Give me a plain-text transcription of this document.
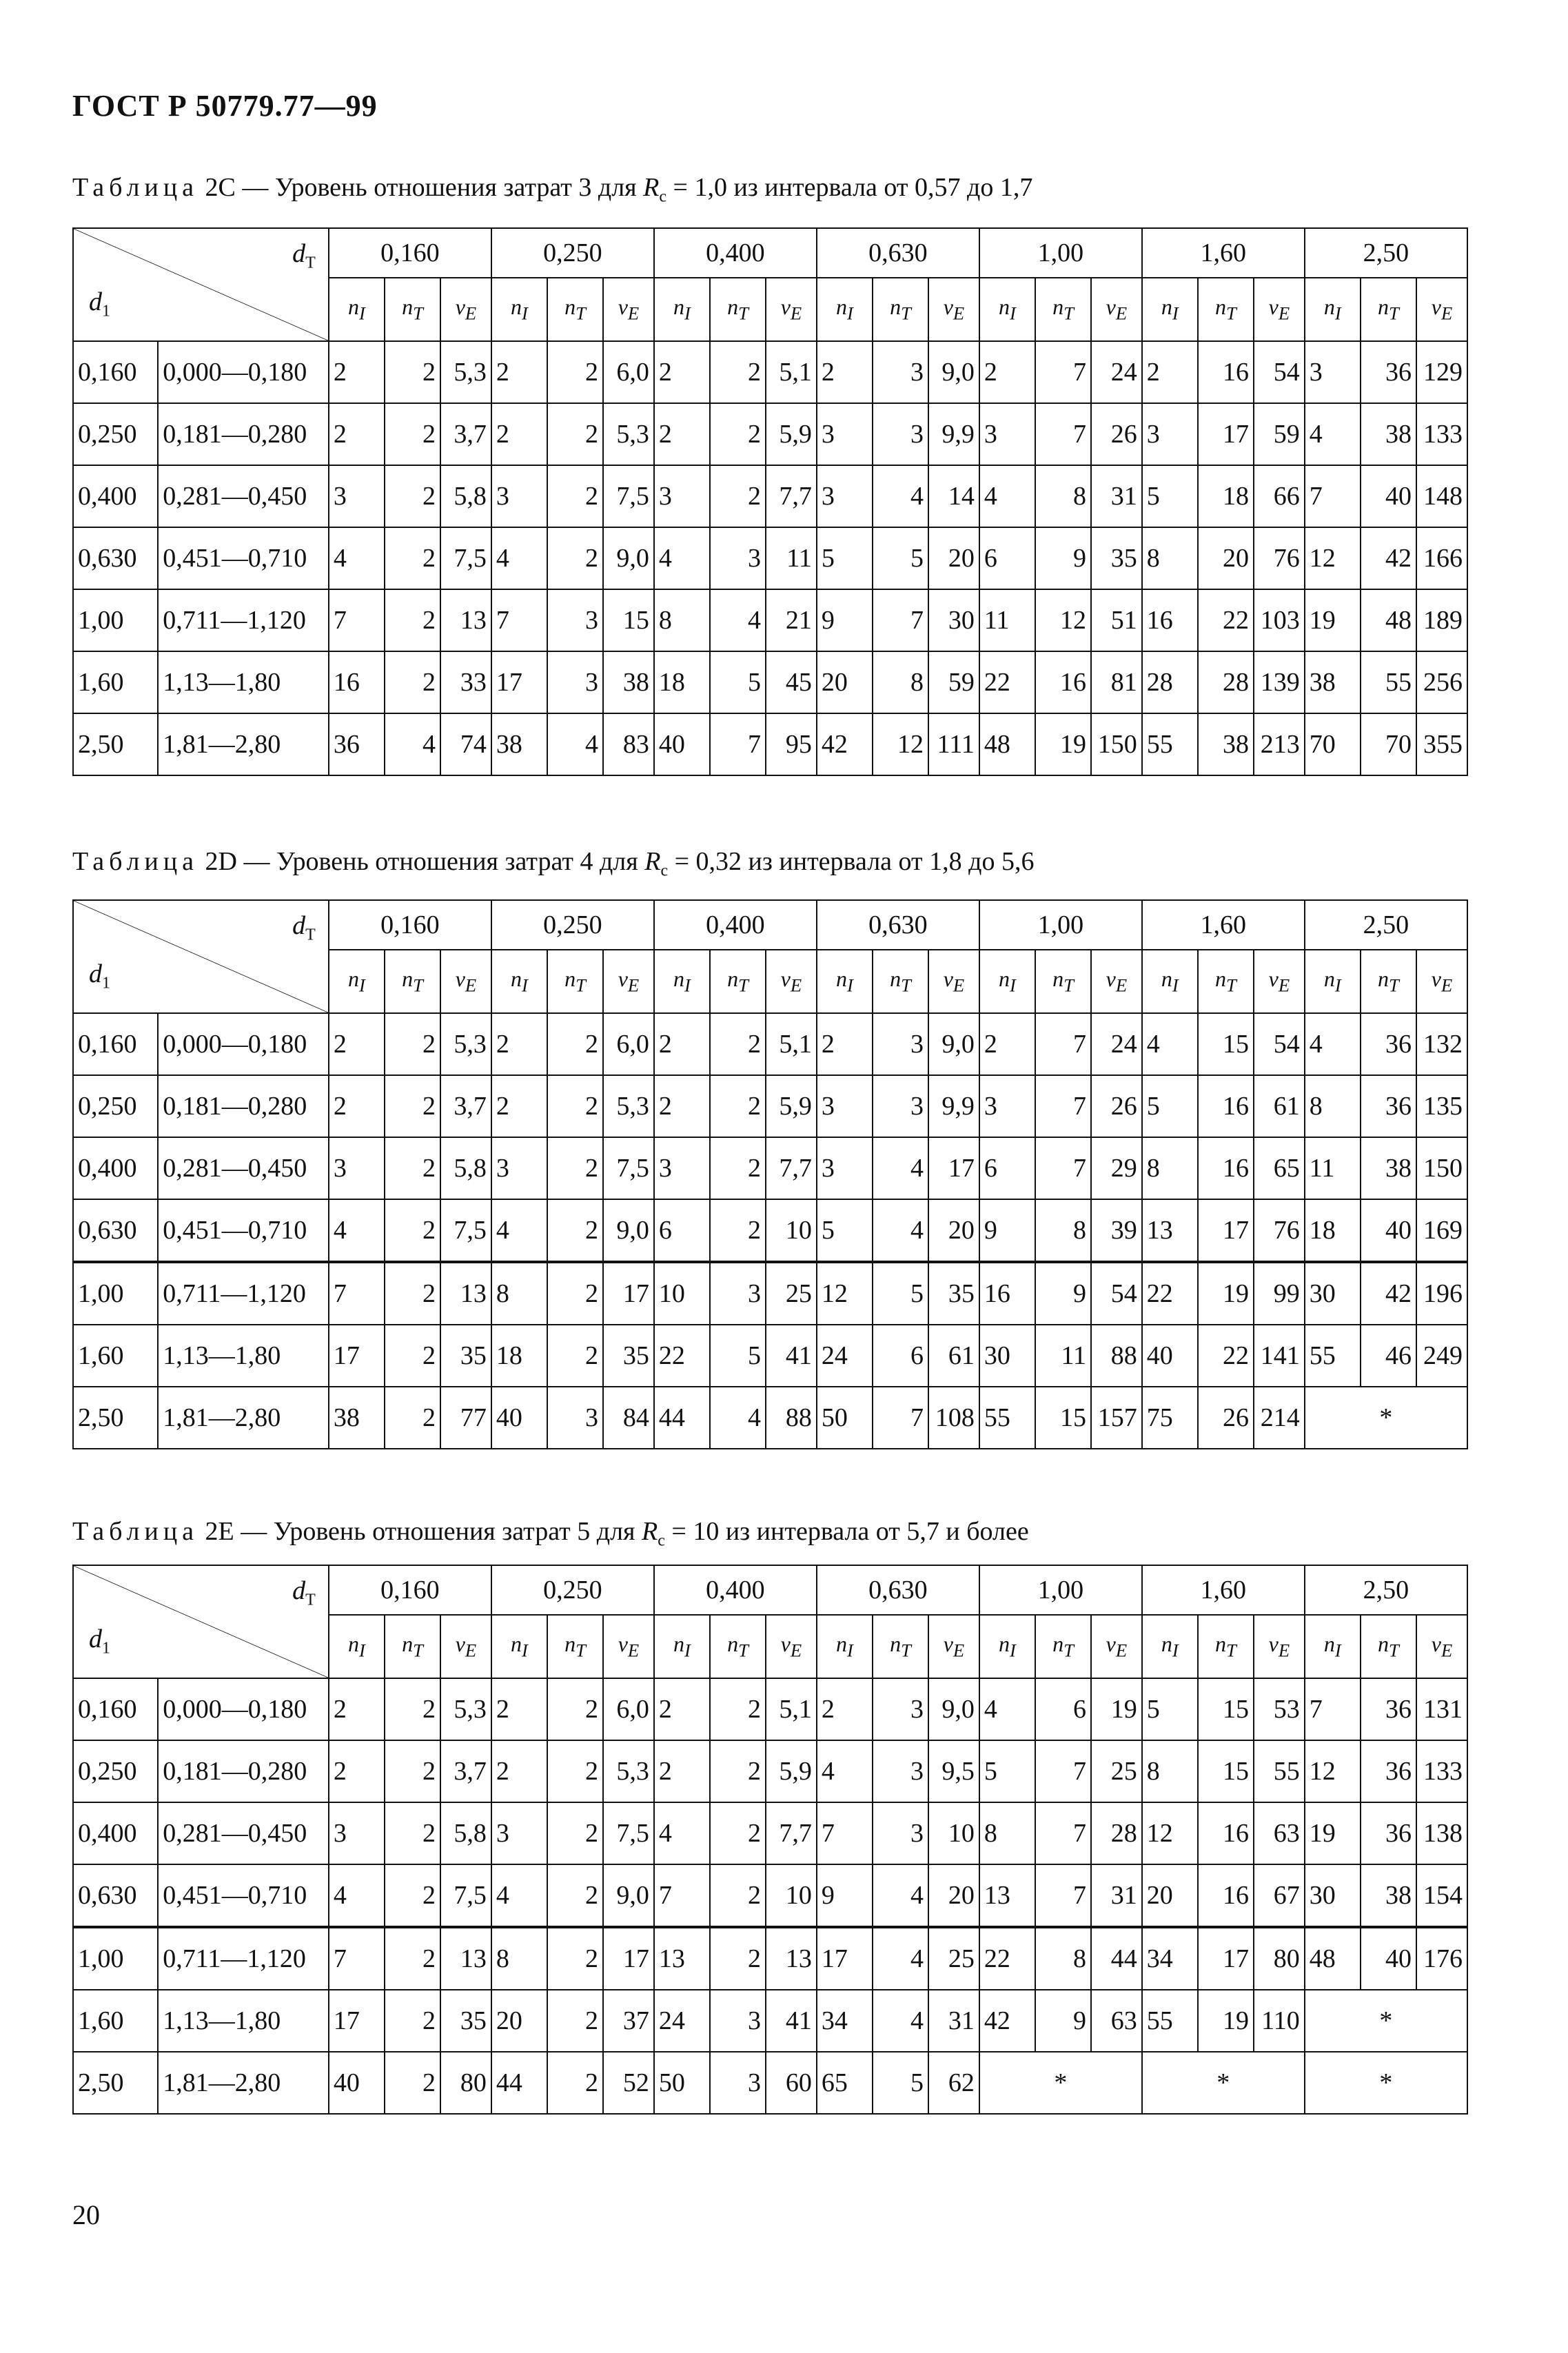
ГОСТ Р 50779.77—99
Таблица 2С — Уровень отношения затрат 3 для $R_c = 1,0$ из интервала от 0,57 до 1,7
$d_T$
$d_1$		0,160			0,250			0,400			0,630			1,00			1,60			2,50		
		$n_I$	$n_T$	$\nu_E$	$n_I$	$n_T$	$\nu_E$	$n_I$	$n_T$	$\nu_E$	$n_I$	$n_T$	$\nu_E$	$n_I$	$n_T$	$\nu_E$	$n_I$	$n_T$	$\nu_E$	$n_I$	$n_T$	$\nu_E$
0,160	0,000—0,180	2	2	5,3	2	2	6,0	2	2	5,1	2	3	9,0	2	7	24	2	16	54	3	36	129
0,250	0,181—0,280	2	2	3,7	2	2	5,3	2	2	5,9	3	3	9,9	3	7	26	3	17	59	4	38	133
0,400	0,281—0,450	3	2	5,8	3	2	7,5	3	2	7,7	3	4	14	4	8	31	5	18	66	7	40	148
0,630	0,451—0,710	4	2	7,5	4	2	9,0	4	3	11	5	5	20	6	9	35	8	20	76	12	42	166
1,00	0,711—1,120	7	2	13	7	3	15	8	4	21	9	7	30	11	12	51	16	22	103	19	48	189
1,60	1,13—1,80	16	2	33	17	3	38	18	5	45	20	8	59	22	16	81	28	28	139	38	55	256
2,50	1,81—2,80	36	4	74	38	4	83	40	7	95	42	12	111	48	19	150	55	38	213	70	70	355
Таблица 2D — Уровень отношения затрат 4 для $R_c = 0,32$ из интервала от 1,8 до 5,6
$d_T$
$d_1$		0,160			0,250			0,400			0,630			1,00			1,60			2,50		
		$n_I$	$n_T$	$\nu_E$	$n_I$	$n_T$	$\nu_E$	$n_I$	$n_T$	$\nu_E$	$n_I$	$n_T$	$\nu_E$	$n_I$	$n_T$	$\nu_E$	$n_I$	$n_T$	$\nu_E$	$n_I$	$n_T$	$\nu_E$
0,160	0,000—0,180	2	2	5,3	2	2	6,0	2	2	5,1	2	3	9,0	2	7	24	4	15	54	4	36	132
0,250	0,181—0,280	2	2	3,7	2	2	5,3	2	2	5,9	3	3	9,9	3	7	26	5	16	61	8	36	135
0,400	0,281—0,450	3	2	5,8	3	2	7,5	3	2	7,7	3	4	17	6	7	29	8	16	65	11	38	150
0,630	0,451—0,710	4	2	7,5	4	2	9,0	6	2	10	5	4	20	9	8	39	13	17	76	18	40	169
1,00	0,711—1,120	7	2	13	8	2	17	10	3	25	12	5	35	16	9	54	22	19	99	30	42	196
1,60	1,13—1,80	17	2	35	18	2	35	22	5	41	24	6	61	30	11	88	40	22	141	55	46	249
2,50	1,81—2,80	38	2	77	40	3	84	44	4	88	50	7	108	55	15	157	75	26	214	*		
Таблица 2Е — Уровень отношения затрат 5 для $R_c = 10$ из интервала от 5,7 и более
$d_T$
$d_1$		0,160			0,250			0,400			0,630			1,00			1,60			2,50		
		$n_I$	$n_T$	$\nu_E$	$n_I$	$n_T$	$\nu_E$	$n_I$	$n_T$	$\nu_E$	$n_I$	$n_T$	$\nu_E$	$n_I$	$n_T$	$\nu_E$	$n_I$	$n_T$	$\nu_E$	$n_I$	$n_T$	$\nu_E$
0,160	0,000—0,180	2	2	5,3	2	2	6,0	2	2	5,1	2	3	9,0	4	6	19	5	15	53	7	36	131
0,250	0,181—0,280	2	2	3,7	2	2	5,3	2	2	5,9	4	3	9,5	5	7	25	8	15	55	12	36	133
0,400	0,281—0,450	3	2	5,8	3	2	7,5	4	2	7,7	7	3	10	8	7	28	12	16	63	19	36	138
0,630	0,451—0,710	4	2	7,5	4	2	9,0	7	2	10	9	4	20	13	7	31	20	16	67	30	38	154
1,00	0,711—1,120	7	2	13	8	2	17	13	2	13	17	4	25	22	8	44	34	17	80	48	40	176
1,60	1,13—1,80	17	2	35	20	2	37	24	3	41	34	4	31	42	9	63	55	19	110	*		
2,50	1,81—2,80	40	2	80	44	2	52	50	3	60	65	5	62	*			*			*		
20
